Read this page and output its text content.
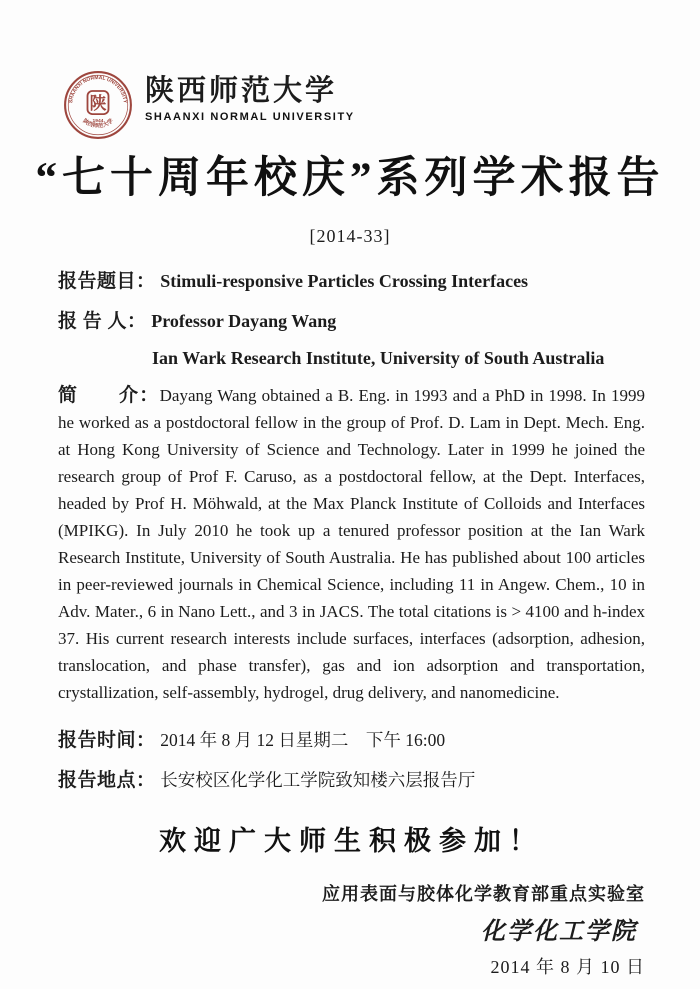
SHAANXI NORMAL UNIVERSITY
陕西师范大学
陕
1944
陕西师范大学
SHAANXI NORMAL UNIVERSITY
“七十周年校庆”系列学术报告
[2014-33]
报告题目： Stimuli-responsive Particles Crossing Interfaces
报 告 人： Professor Dayang Wang
Ian Wark Research Institute, University of South Australia
简　　介：Dayang Wang obtained a B. Eng. in 1993 and a PhD in 1998. In 1999 he worked as a postdoctoral fellow in the group of Prof. D. Lam in Dept. Mech. Eng. at Hong Kong University of Science and Technology. Later in 1999 he joined the research group of Prof F. Caruso, as a postdoctoral fellow, at the Dept. Interfaces, headed by Prof H. Möhwald, at the Max Planck Institute of Colloids and Interfaces (MPIKG). In July 2010 he took up a tenured professor position at the Ian Wark Research Institute, University of South Australia. He has published about 100 articles in peer-reviewed journals in Chemical Science, including 11 in Angew. Chem., 10 in Adv. Mater., 6 in Nano Lett., and 3 in JACS. The total citations is > 4100 and h-index 37. His current research interests include surfaces, interfaces (adsorption, adhesion, translocation, and phase transfer), gas and ion adsorption and transportation, crystallization, self-assembly, hydrogel, drug delivery, and nanomedicine.
报告时间： 2014 年 8 月 12 日星期二　下午 16:00
报告地点： 长安校区化学化工学院致知楼六层报告厅
欢迎广大师生积极参加！
应用表面与胶体化学教育部重点实验室
化学化工学院
2014 年 8 月 10 日
